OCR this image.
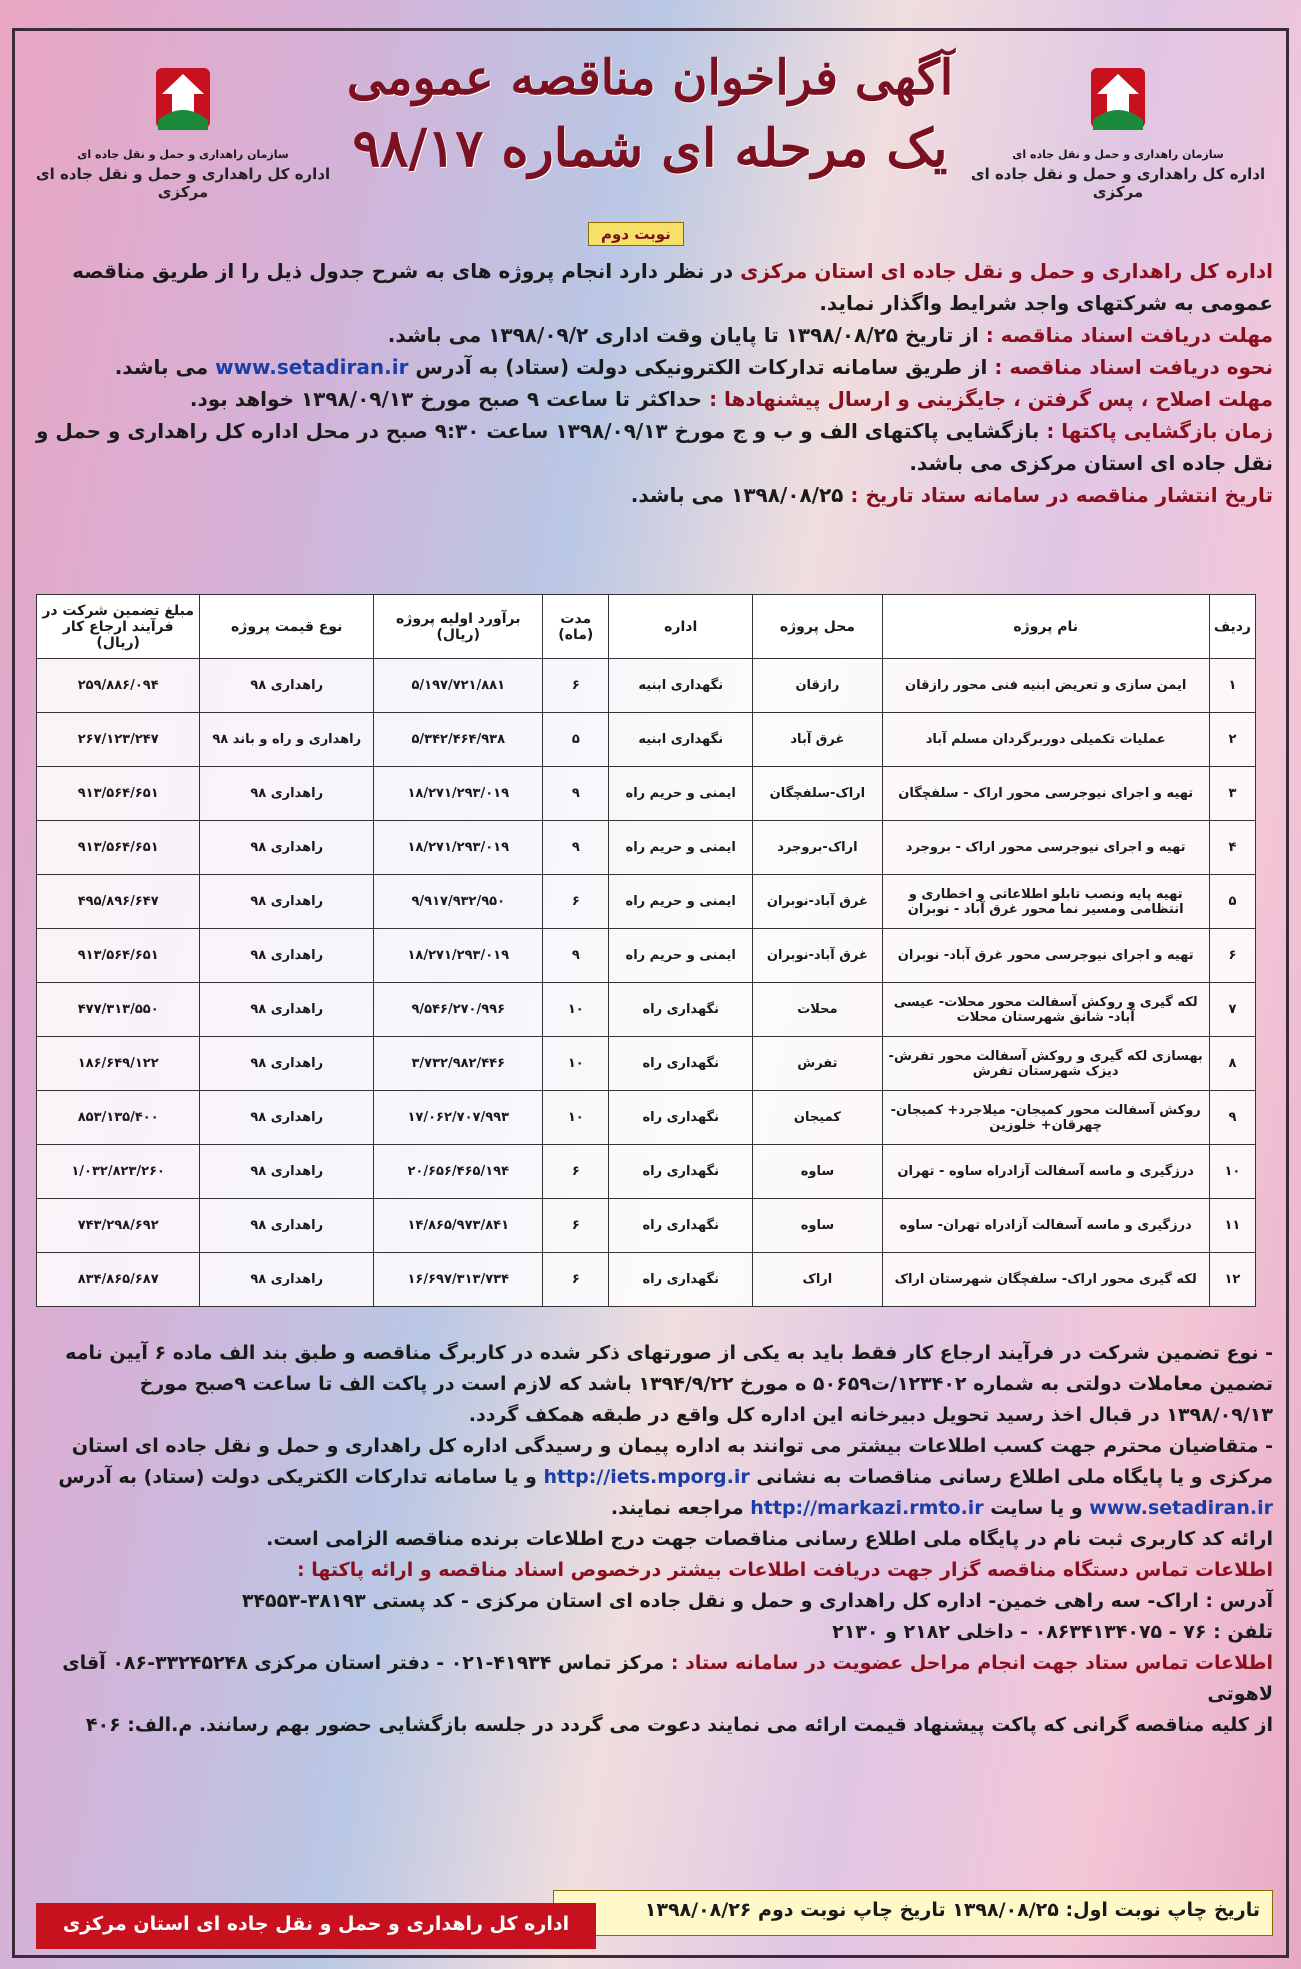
سازمان راهداری و حمل و نقل جاده ای
اداره کل راهداری و حمل و نقل جاده ای مرکزی
سازمان راهداری و حمل و نقل جاده ای
اداره کل راهداری و حمل و نقل جاده ای مرکزی
آگهی فراخوان مناقصه عمومی
یک مرحله ای شماره ۹۸/۱۷
نوبت دوم

اداره کل راهداری و حمل و نقل جاده ای استان مرکزی در نظر دارد انجام پروژه های به شرح جدول ذیل را از طریق مناقصه عمومی به شرکتهای واجد شرایط واگذار نماید.

مهلت دریافت اسناد مناقصه : از تاریخ ۱۳۹۸/۰۸/۲۵ تا پایان وقت اداری ۱۳۹۸/۰۹/۲ می باشد.

نحوه دریافت اسناد مناقصه : از طریق سامانه تدارکات الکترونیکی دولت (ستاد) به آدرس www.setadiran.ir می باشد.

مهلت اصلاح ، پس گرفتن ، جایگزینی و ارسال پیشنهادها : حداکثر تا ساعت ۹ صبح مورخ ۱۳۹۸/۰۹/۱۳ خواهد بود.

زمان بازگشایی پاکتها : بازگشایی پاکتهای الف و ب و ج مورخ ۱۳۹۸/۰۹/۱۳ ساعت ۹:۳۰ صبح در محل اداره کل راهداری و حمل و نقل جاده ای استان مرکزی می باشد.

تاریخ انتشار مناقصه در سامانه ستاد تاریخ : ۱۳۹۸/۰۸/۲۵ می باشد.

ردیف	نام پروژه	محل پروژه	اداره	مدت (ماه)	برآورد اولیه پروژه (ریال)	نوع قیمت پروژه	مبلغ تضمین شرکت در فرآیند ارجاع کار (ریال)
۱	ایمن سازی و تعریض ابنیه فنی محور رازقان	رازقان	نگهداری ابنیه	۶	۵/۱۹۷/۷۲۱/۸۸۱	راهداری ۹۸	۲۵۹/۸۸۶/۰۹۴
۲	عملیات تکمیلی دوربرگردان مسلم آباد	غرق آباد	نگهداری ابنیه	۵	۵/۳۴۲/۴۶۴/۹۳۸	راهداری و راه و باند ۹۸	۲۶۷/۱۲۳/۲۴۷
۳	تهیه و اجرای نیوجرسی محور اراک - سلفچگان	اراک-سلفچگان	ایمنی و حریم راه	۹	۱۸/۲۷۱/۲۹۳/۰۱۹	راهداری ۹۸	۹۱۳/۵۶۴/۶۵۱
۴	تهیه و اجرای نیوجرسی محور اراک - بروجرد	اراک-بروجرد	ایمنی و حریم راه	۹	۱۸/۲۷۱/۲۹۳/۰۱۹	راهداری ۹۸	۹۱۳/۵۶۴/۶۵۱
۵	تهیه پایه ونصب تابلو اطلاعاتی و اخطاری و انتظامی ومسیر نما محور غرق آباد - نوبران	غرق آباد-نوبران	ایمنی و حریم راه	۶	۹/۹۱۷/۹۳۲/۹۵۰	راهداری ۹۸	۴۹۵/۸۹۶/۶۴۷
۶	تهیه و اجرای نیوجرسی محور غرق آباد- نوبران	غرق آباد-نوبران	ایمنی و حریم راه	۹	۱۸/۲۷۱/۲۹۳/۰۱۹	راهداری ۹۸	۹۱۳/۵۶۴/۶۵۱
۷	لکه گیری و روکش آسفالت محور محلات- عیسی آباد- شانق شهرستان محلات	محلات	نگهداری راه	۱۰	۹/۵۴۶/۲۷۰/۹۹۶	راهداری ۹۸	۴۷۷/۳۱۳/۵۵۰
۸	بهسازی لکه گیری و روکش آسفالت محور تفرش- دیزک شهرستان تفرش	تفرش	نگهداری راه	۱۰	۳/۷۳۲/۹۸۲/۴۴۶	راهداری ۹۸	۱۸۶/۶۴۹/۱۲۲
۹	روکش آسفالت محور کمیجان- میلاجرد+ کمیجان- چهرقان+ خلوزین	کمیجان	نگهداری راه	۱۰	۱۷/۰۶۲/۷۰۷/۹۹۳	راهداری ۹۸	۸۵۳/۱۳۵/۴۰۰
۱۰	درزگیری و ماسه آسفالت آزادراه ساوه - تهران	ساوه	نگهداری راه	۶	۲۰/۶۵۶/۴۶۵/۱۹۴	راهداری ۹۸	۱/۰۳۲/۸۲۳/۲۶۰
۱۱	درزگیری و ماسه آسفالت آزادراه تهران- ساوه	ساوه	نگهداری راه	۶	۱۴/۸۶۵/۹۷۳/۸۴۱	راهداری ۹۸	۷۴۳/۲۹۸/۶۹۲
۱۲	لکه گیری محور اراک- سلفچگان شهرستان اراک	اراک	نگهداری راه	۶	۱۶/۶۹۷/۳۱۳/۷۳۴	راهداری ۹۸	۸۳۴/۸۶۵/۶۸۷

- نوع تضمین شرکت در فرآیند ارجاع کار فقط باید به یکی از صورتهای ذکر شده در کاربرگ مناقصه و طبق بند الف ماده ۶ آیین نامه تضمین معاملات دولتی به شماره ۱۲۳۴۰۲/ت۵۰۶۵۹ ه مورخ ۱۳۹۴/۹/۲۲ باشد که لازم است در پاکت الف تا ساعت ۹صبح مورخ ۱۳۹۸/۰۹/۱۳ در قبال اخذ رسید تحویل دبیرخانه این اداره کل واقع در طبقه همکف گردد.

- متقاضیان محترم جهت کسب اطلاعات بیشتر می توانند به اداره پیمان و رسیدگی اداره کل راهداری و حمل و نقل جاده ای استان مرکزی و یا پایگاه ملی اطلاع رسانی مناقصات به نشانی http://iets.mporg.ir و یا سامانه تدارکات الکتریکی دولت (ستاد) به آدرس www.setadiran.ir و یا سایت http://markazi.rmto.ir مراجعه نمایند.

ارائه کد کاربری ثبت نام در پایگاه ملی اطلاع رسانی مناقصات جهت درج اطلاعات برنده مناقصه الزامی است.

اطلاعات تماس دستگاه مناقصه گزار جهت دریافت اطلاعات بیشتر درخصوص اسناد مناقصه و ارائه پاکتها :

آدرس : اراک- سه راهی خمین- اداره کل راهداری و حمل و نقل جاده ای استان مرکزی - کد پستی ۳۸۱۹۳-۳۴۵۵۳

تلفن : ۷۶ - ۰۸۶۳۴۱۳۴۰۷۵ - داخلی ۲۱۸۲ و ۲۱۳۰

اطلاعات تماس ستاد جهت انجام مراحل عضویت در سامانه ستاد : مرکز تماس ۴۱۹۳۴-۰۲۱ - دفتر استان مرکزی ۳۳۲۴۵۲۴۸-۰۸۶ آقای لاهوتی

از کلیه مناقصه گرانی که پاکت پیشنهاد قیمت ارائه می نمایند دعوت می گردد در جلسه بازگشایی حضور بهم رسانند. م.الف: ۴۰۶

تاریخ چاپ نوبت اول: ۱۳۹۸/۰۸/۲۵ تاریخ چاپ نوبت دوم ۱۳۹۸/۰۸/۲۶
اداره کل راهداری و حمل و نقل جاده ای استان مرکزی
